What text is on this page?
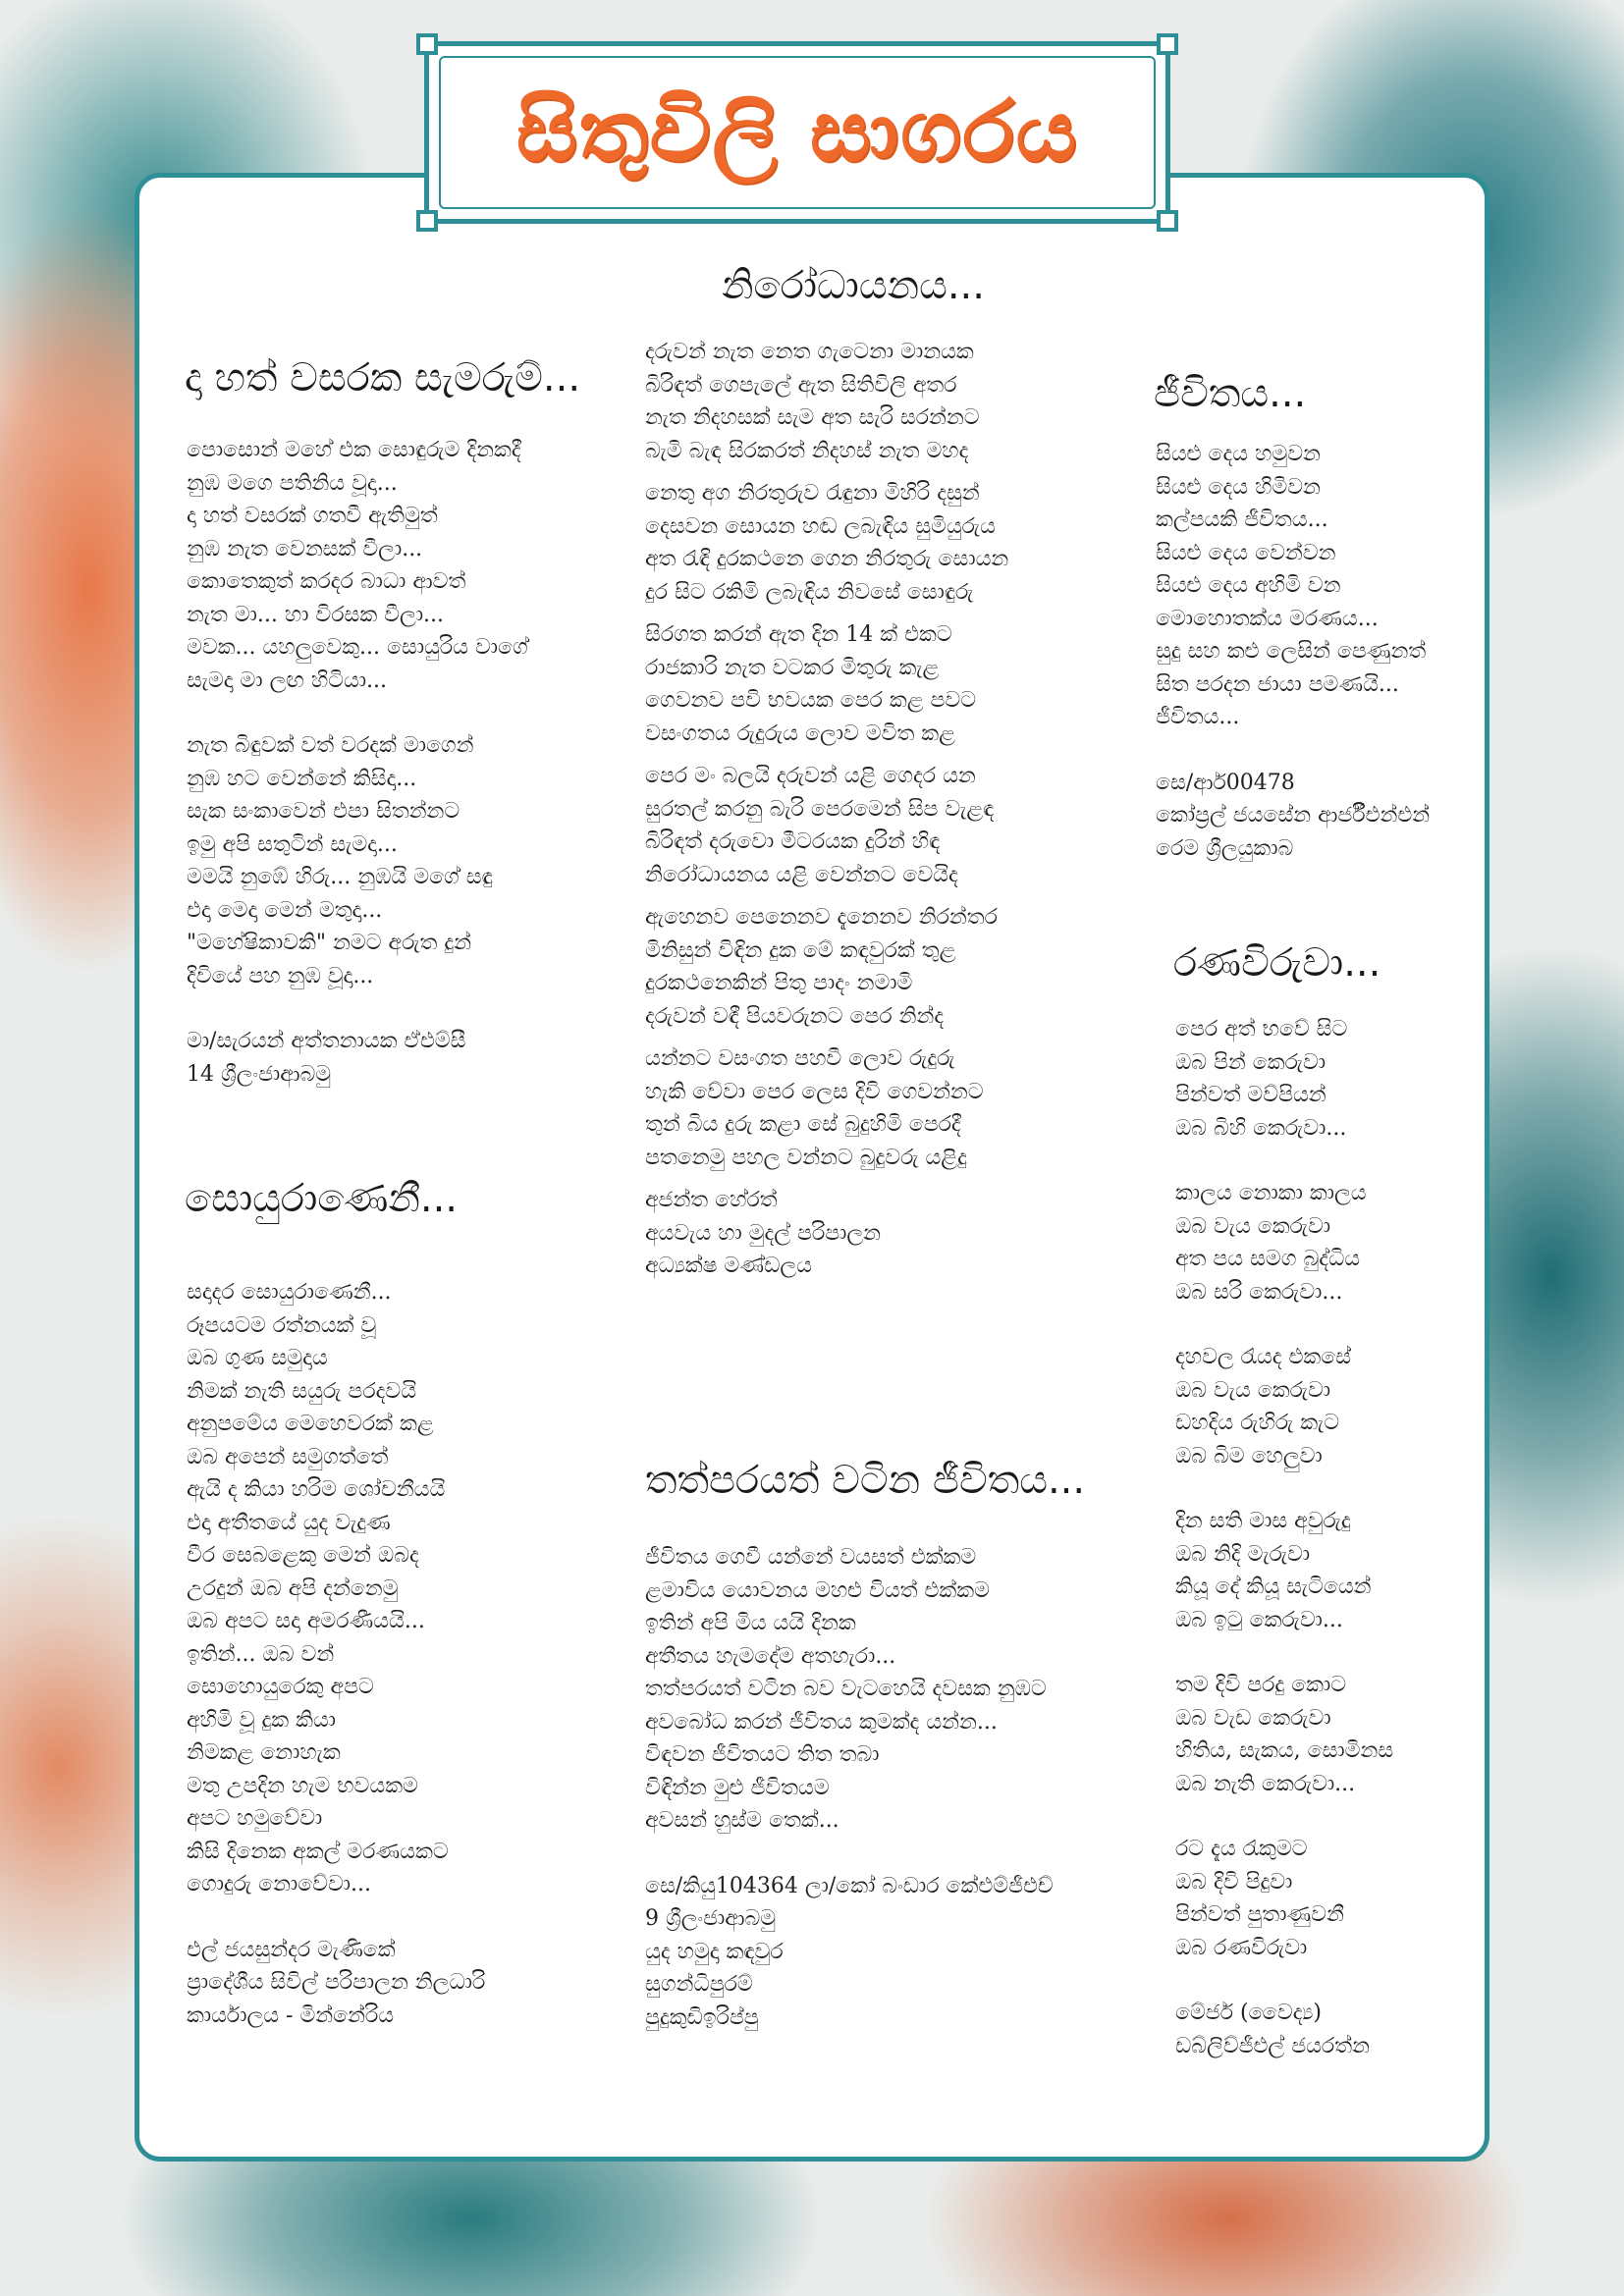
සිතුවිලි සාගරය
දා හත් වසරක සැමරුම්...
පොසොන් මහේ එක සොඳුරුම දිනකදී
නුඹ මගෙ පතිනිය වූදා...
දා හත් වසරක් ගතවී ඇතිමුත්
නුඹ නැත වෙනසක් වීලා...
කොතෙකුත් කරදර බාධා ආවත්
නැත මා... හා විරසක වීලා...
මවක... යහලුවෙකු... සොයුරිය වාගේ
සැමදා මා ලඟ හිටියා...
නැත බිඳුවක් වත් වරදක් මාගෙන්
නුඹ හට වෙන්නේ කිසිදා...
සැක සංකාවෙන් එපා සිතන්නට
ඉමු අපි සතුටින් සැමදා...
මමයි නුඹේ හිරු... නුඹයි මගේ සඳු
එදා මෙදා මෙන් මතුදා...
"මහේෂිකාවකි" නමට අරුත දුන්
දිවියේ පහ නුඹ වූදා...
මා/සැරයන් අත්තනායක ඒඑම්සී
14 ශ්‍රීලංජාආබමු
සොයුරාණෙනී...
සදාදර සොයුරාණෙනී...
රූපයටම රත්නයක් වූ
ඔබ ගුණ සමුදාය
නිමක් නැති සයුරු පරදවයි
අනුපමේය මෙහෙවරක් කළ
ඔබ අපෙන් සමුගත්තේ
ඇයි ද කියා හරිම ශෝචනීයයි
එදා අතීතයේ යුද වැදුණ
වීර සෙබළෙකු මෙන් ඔබද
උරදුන් ඔබ අපි දන්නෙමු
ඔබ අපට සදා අමරණීයයි...
ඉතින්... ඔබ වන්
සොහොයුරෙකු අපට
අහිමි වූ දුක කියා
නිමකළ නොහැක
මතු උපදින හැම භවයකම
අපට හමුවේවා
කිසි දිනෙක අකල් මරණයකට
ගොදුරු නොවේවා...
එල් ජයසුන්දර මැණිකේ
ප්‍රාදේශීය සිවිල් පරිපාලන නිලධාරි
කාර්යාලය - මින්නේරිය
නිරෝධායනය...
දරුවන් නැත නෙත ගැටෙනා මානයක
බිරිඳත් ගෙපැලේ ඇත සිතිවිලි අතර
නැත නිදහසක් සැම අත සැරි සරන්නට
බැමි බැඳ සිරකරත් නිදහස් නැත මහද
නෙතු අග නිරතුරුව රැඳුනා මිහිරි දසුන්
දෙසවන සොයන හඬ ලබැඳිය සුමියුරුය
අත රැඳි දුරකථනෙ ගෙන නිරතුරු සොයන
දුර සිට රකිමි ලබැඳිය නිවසේ සොඳුරු
සිරගත කරන් ඇත දින 14 ක් එකට
රාජකාරි නැත වටකර මිතුරු කැළ
ගෙවනව පවි භවයක පෙර කළ පවට
වසංගතය රුදුරුය ලොව මවිත කළ
පෙර මං බලයි දරුවන් යළි ගෙදර යන
සුරතල් කරනු බැරි පෙරමෙන් සිප වැළඳ
බිරිඳත් දරුවො මීටරයක දුරින් හිඳ
නිරෝධායනය යළි වෙන්නට වෙයිද
ඇහෙනව පෙනෙනව දැනෙනව නිරන්තර
මිනිසුන් විඳින දුක මේ කඳවුරක් තුළ
දුරකථනෙකින් පිතු පාදං නමාමි
දරුවන් වඳී පියවරුනට පෙර නින්ද
යන්නට වසංගත පහවී ලොව රුදුරු
හැකි වේවා පෙර ලෙස දිවි ගෙවන්නට
තුන් බිය දුරු කළා සේ බුදුහිමි පෙරදී
පතනෙමු පහල වන්නට බුදුවරු යළිදු
අජන්ත හේරත්
අයවැය හා මුදල් පරිපාලන
අධ්‍යක්ෂ මණ්ඩලය
තත්පරයත් වටින ජීවිතය...
ජීවිතය ගෙවී යන්නේ වයසත් එක්කම
ළමාවිය යොවනය මහළු වියත් එක්කම
ඉතින් අපි මිය යයි දිනක
අතීතය හැමදේම අතහැරා...
තත්පරයත් වටින බව වැටහෙයි දවසක නුඹට
අවබෝධ කරන් ජීවිතය කුමක්ද යන්න...
විඳවන ජීවිතයට තිත තබා
විඳින්න මුළු ජීවිතයම
අවසන් හුස්ම තෙක්...
සෙ/කියු104364 ලා/කෝ බංඩාර කේඑම්ජීඑච්
9 ශ්‍රීලංජාආබමු
යුද හමුදා කඳවුර
සුගන්ධිපුරම්
පුදුකුඩිඉරිප්පු
ජීවිතය...
සියළු දෙය හමුවන
සියළු දෙය හිමිවන
කල්පයකි ජීවිතය...
සියළු දෙය වෙන්වන
සියළු දෙය අහිමි වන
මොහොතක්ය මරණය...
සුදු සහ කළු ලෙසින් පෙණුනත්
සිත පරදන ජායා පමණයි...
ජීවිතය...
සෙ/ආර්00478
කෝප්‍රල් ජයසේන ආර්ජීඑන්එන්
රෙම ශ්‍රීලයුකාබ
රණවිරුවා...
පෙර අත් භවේ සිට
ඔබ පින් කෙරුවා
පින්වත් මව්පියන්
ඔබ බිහි කෙරුවා...
කාලය නොකා කාලය
ඔබ වැය කෙරුවා
අත පය සමග බුද්ධිය
ඔබ සරි කෙරුවා...
දහවල රැයද එකසේ
ඔබ වැය කෙරුවා
ඩහදිය රුහිරු කැට
ඔබ බිම හෙලුවා
දින සති මාස අවුරුදු
ඔබ නිදි මැරුවා
කියූ දේ කියූ සැටියෙන්
ඔබ ඉටු කෙරුවා...
තම දිවි පරදු කොට
ඔබ වැඩ කෙරුවා
හිතිය, සැකය, සොමිනස
ඔබ නැති කෙරුවා...
රට දැය රැකුමට
ඔබ දිවි පිදුවා
පින්වත් පුතාණුවනී
ඔබ රණවිරුවා
මේජර් (වෛද්‍ය)
ඩබ්ලිව්ජීඑල් ජයරත්න
